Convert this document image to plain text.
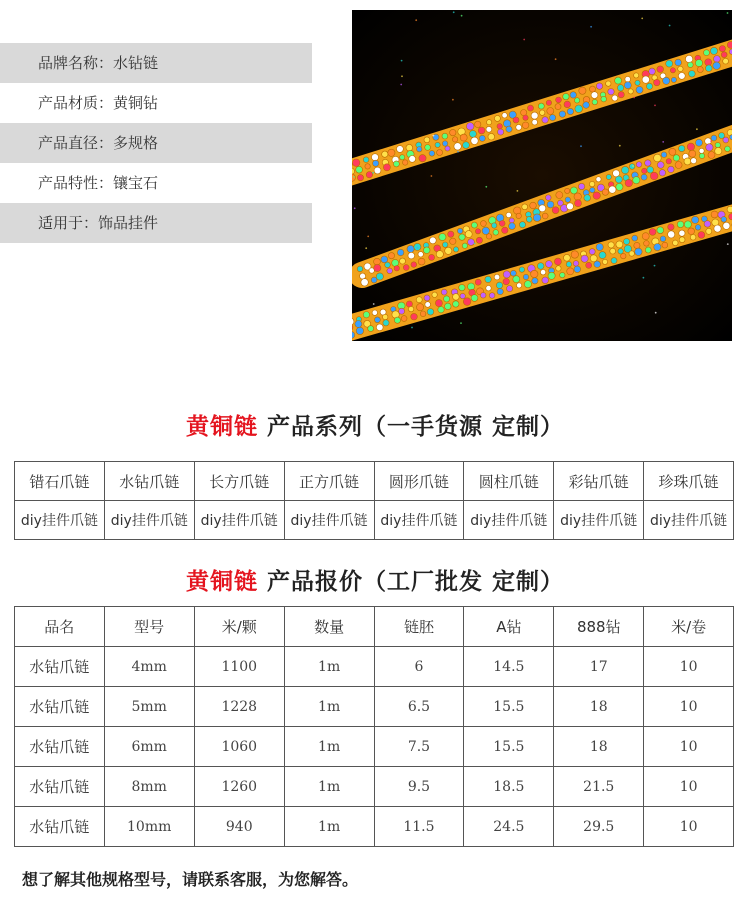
品牌名称：水钻链
产品材质：黄铜钻
产品直径：多规格
产品特性：镶宝石
适用于：饰品挂件
黄铜链 产品系列（一手货源 定制）
错石爪链	水钻爪链	长方爪链	正方爪链	圆形爪链	圆柱爪链	彩钻爪链	珍珠爪链
diy挂件爪链	diy挂件爪链	diy挂件爪链	diy挂件爪链	diy挂件爪链	diy挂件爪链	diy挂件爪链	diy挂件爪链
黄铜链 产品报价（工厂批发 定制）
品名	型号	米/颗	数量	链胚	A钻	888钻	米/卷
水钻爪链	4mm	1100	1m	6	14.5	17	10
水钻爪链	5mm	1228	1m	6.5	15.5	18	10
水钻爪链	6mm	1060	1m	7.5	15.5	18	10
水钻爪链	8mm	1260	1m	9.5	18.5	21.5	10
水钻爪链	10mm	940	1m	11.5	24.5	29.5	10
想了解其他规格型号，请联系客服，为您解答。
